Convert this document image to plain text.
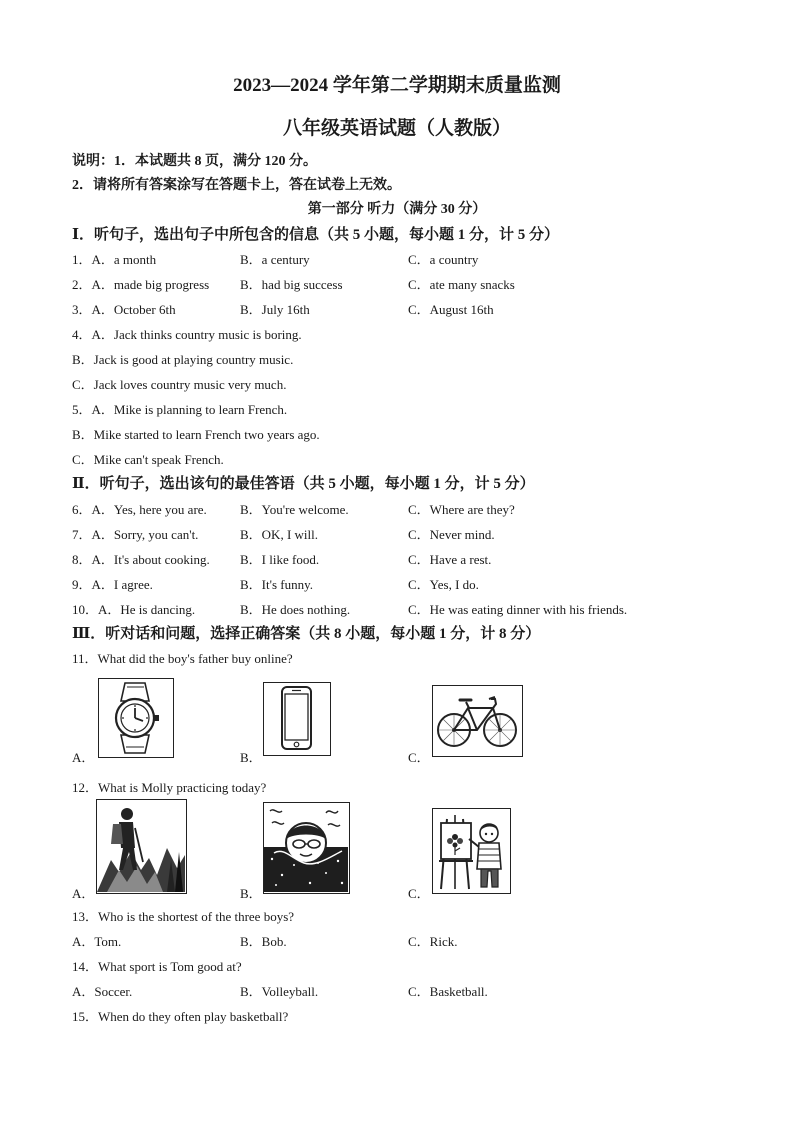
2023—2024 学年第二学期期末质量监测
八年级英语试题（人教版）
说明：1．本试题共 8 页，满分 120 分。
2．请将所有答案涂写在答题卡上，答在试卷上无效。
第一部分 听力（满分 30 分）
Ⅰ．听句子，选出句子中所包含的信息（共 5 小题，每小题 1 分，计 5 分）
1．A．a month	B．a century	C．a country
2．A．made big progress B．had big success	C．ate many snacks
3．A．October 6th	B．July 16th	C．August 16th
4．A．Jack thinks country music is boring.
B．Jack is good at playing country music.
C．Jack loves country music very much.
5．A．Mike is planning to learn French.
B．Mike started to learn French two years ago.
C．Mike can't speak French.
Ⅱ．听句子，选出该句的最佳答语（共 5 小题，每小题 1 分，计 5 分）
6．A．Yes, here you are.	B．You're welcome.	C．Where are they?
7．A．Sorry, you can't.	B．OK, I will.	C．Never mind.
8．A．It's about cooking. B．I like food.	C．Have a rest.
9．A．I agree.	B．It's funny.	C．Yes, I do.
10．A．He is dancing.	B．He does nothing.	C．He was eating dinner with his friends.
Ⅲ．听对话和问题，选择正确答案（共 8 小题，每小题 1 分，计 8 分）
11．What did the boy's father buy online?
A．	B．	C．
12．What is Molly practicing today?
A．	B．	C．
13．Who is the shortest of the three boys?
A．Tom.	B．Bob.	C．Rick.
14．What sport is Tom good at?
A．Soccer.	B．Volleyball.	C．Basketball.
15．When do they often play basketball?
